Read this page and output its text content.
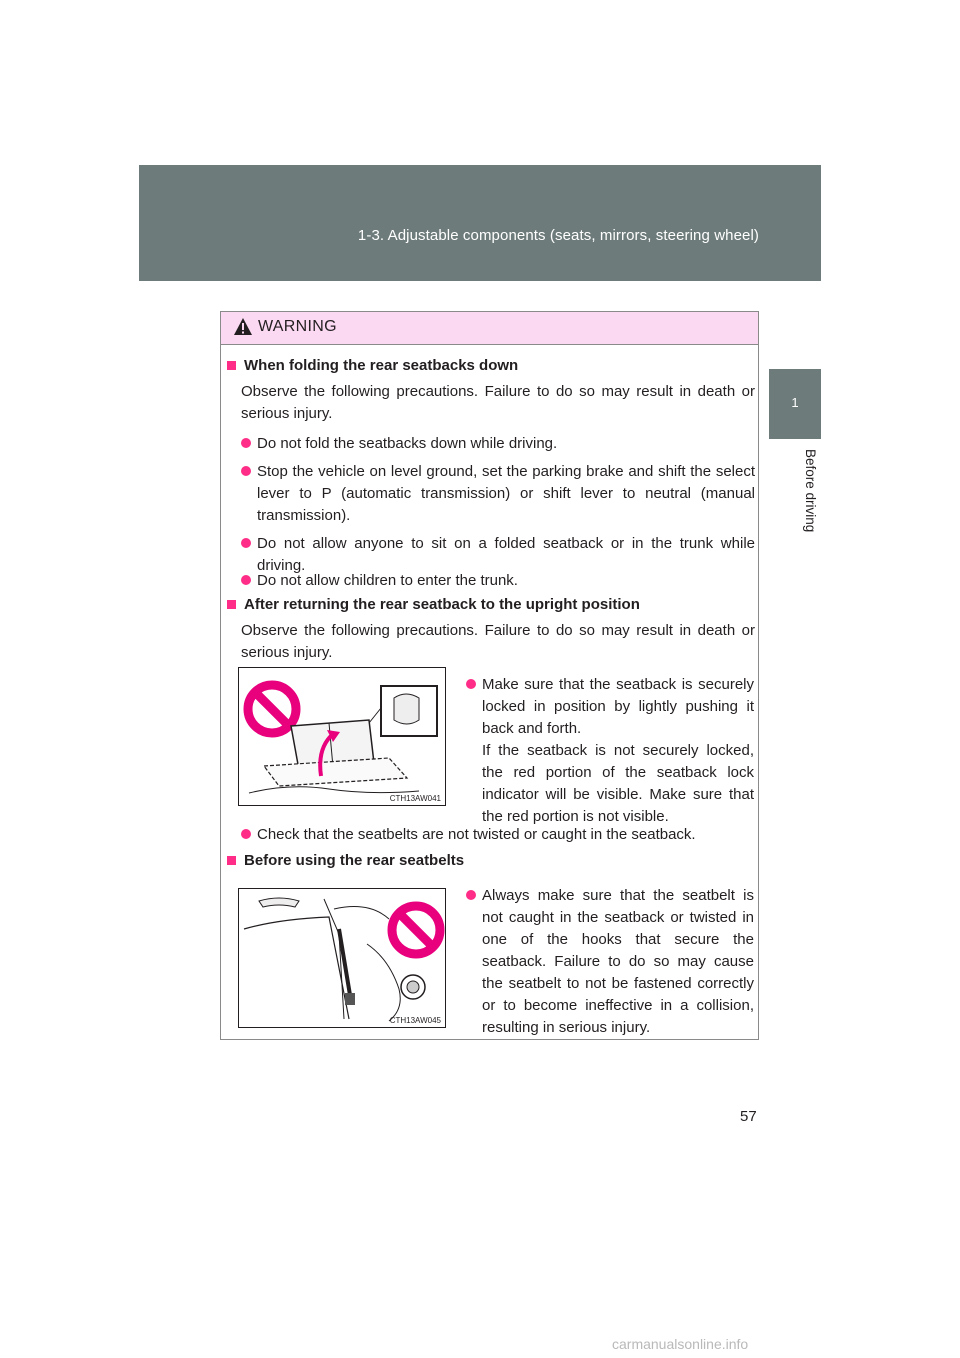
1-3. Adjustable components (seats, mirrors, steering wheel)
1
Before driving
WARNING
When folding the rear seatbacks down
Observe the following precautions. Failure to do so may result in death or serious injury.
Do not fold the seatbacks down while driving.
Stop the vehicle on level ground, set the parking brake and shift the select lever to P (automatic transmission) or shift lever to neutral (manual transmission).
Do not allow anyone to sit on a folded seatback or in the trunk while driving.
Do not allow children to enter the trunk.
After returning the rear seatback to the upright position
Observe the following precautions. Failure to do so may result in death or serious injury.
CTH13AW041
Make sure that the seatback is securely locked in position by lightly pushing it back and forth.
If the seatback is not securely locked, the red portion of the seatback lock indicator will be visible. Make sure that the red portion is not visible.
Check that the seatbelts are not twisted or caught in the seatback.
Before using the rear seatbelts
CTH13AW045
Always make sure that the seatbelt is not caught in the seatback or twisted in one of the hooks that secure the seatback. Failure to do so may cause the seatbelt to not be fastened correctly or to become ineffective in a collision, resulting in serious injury.
57
carmanualsonline.info
